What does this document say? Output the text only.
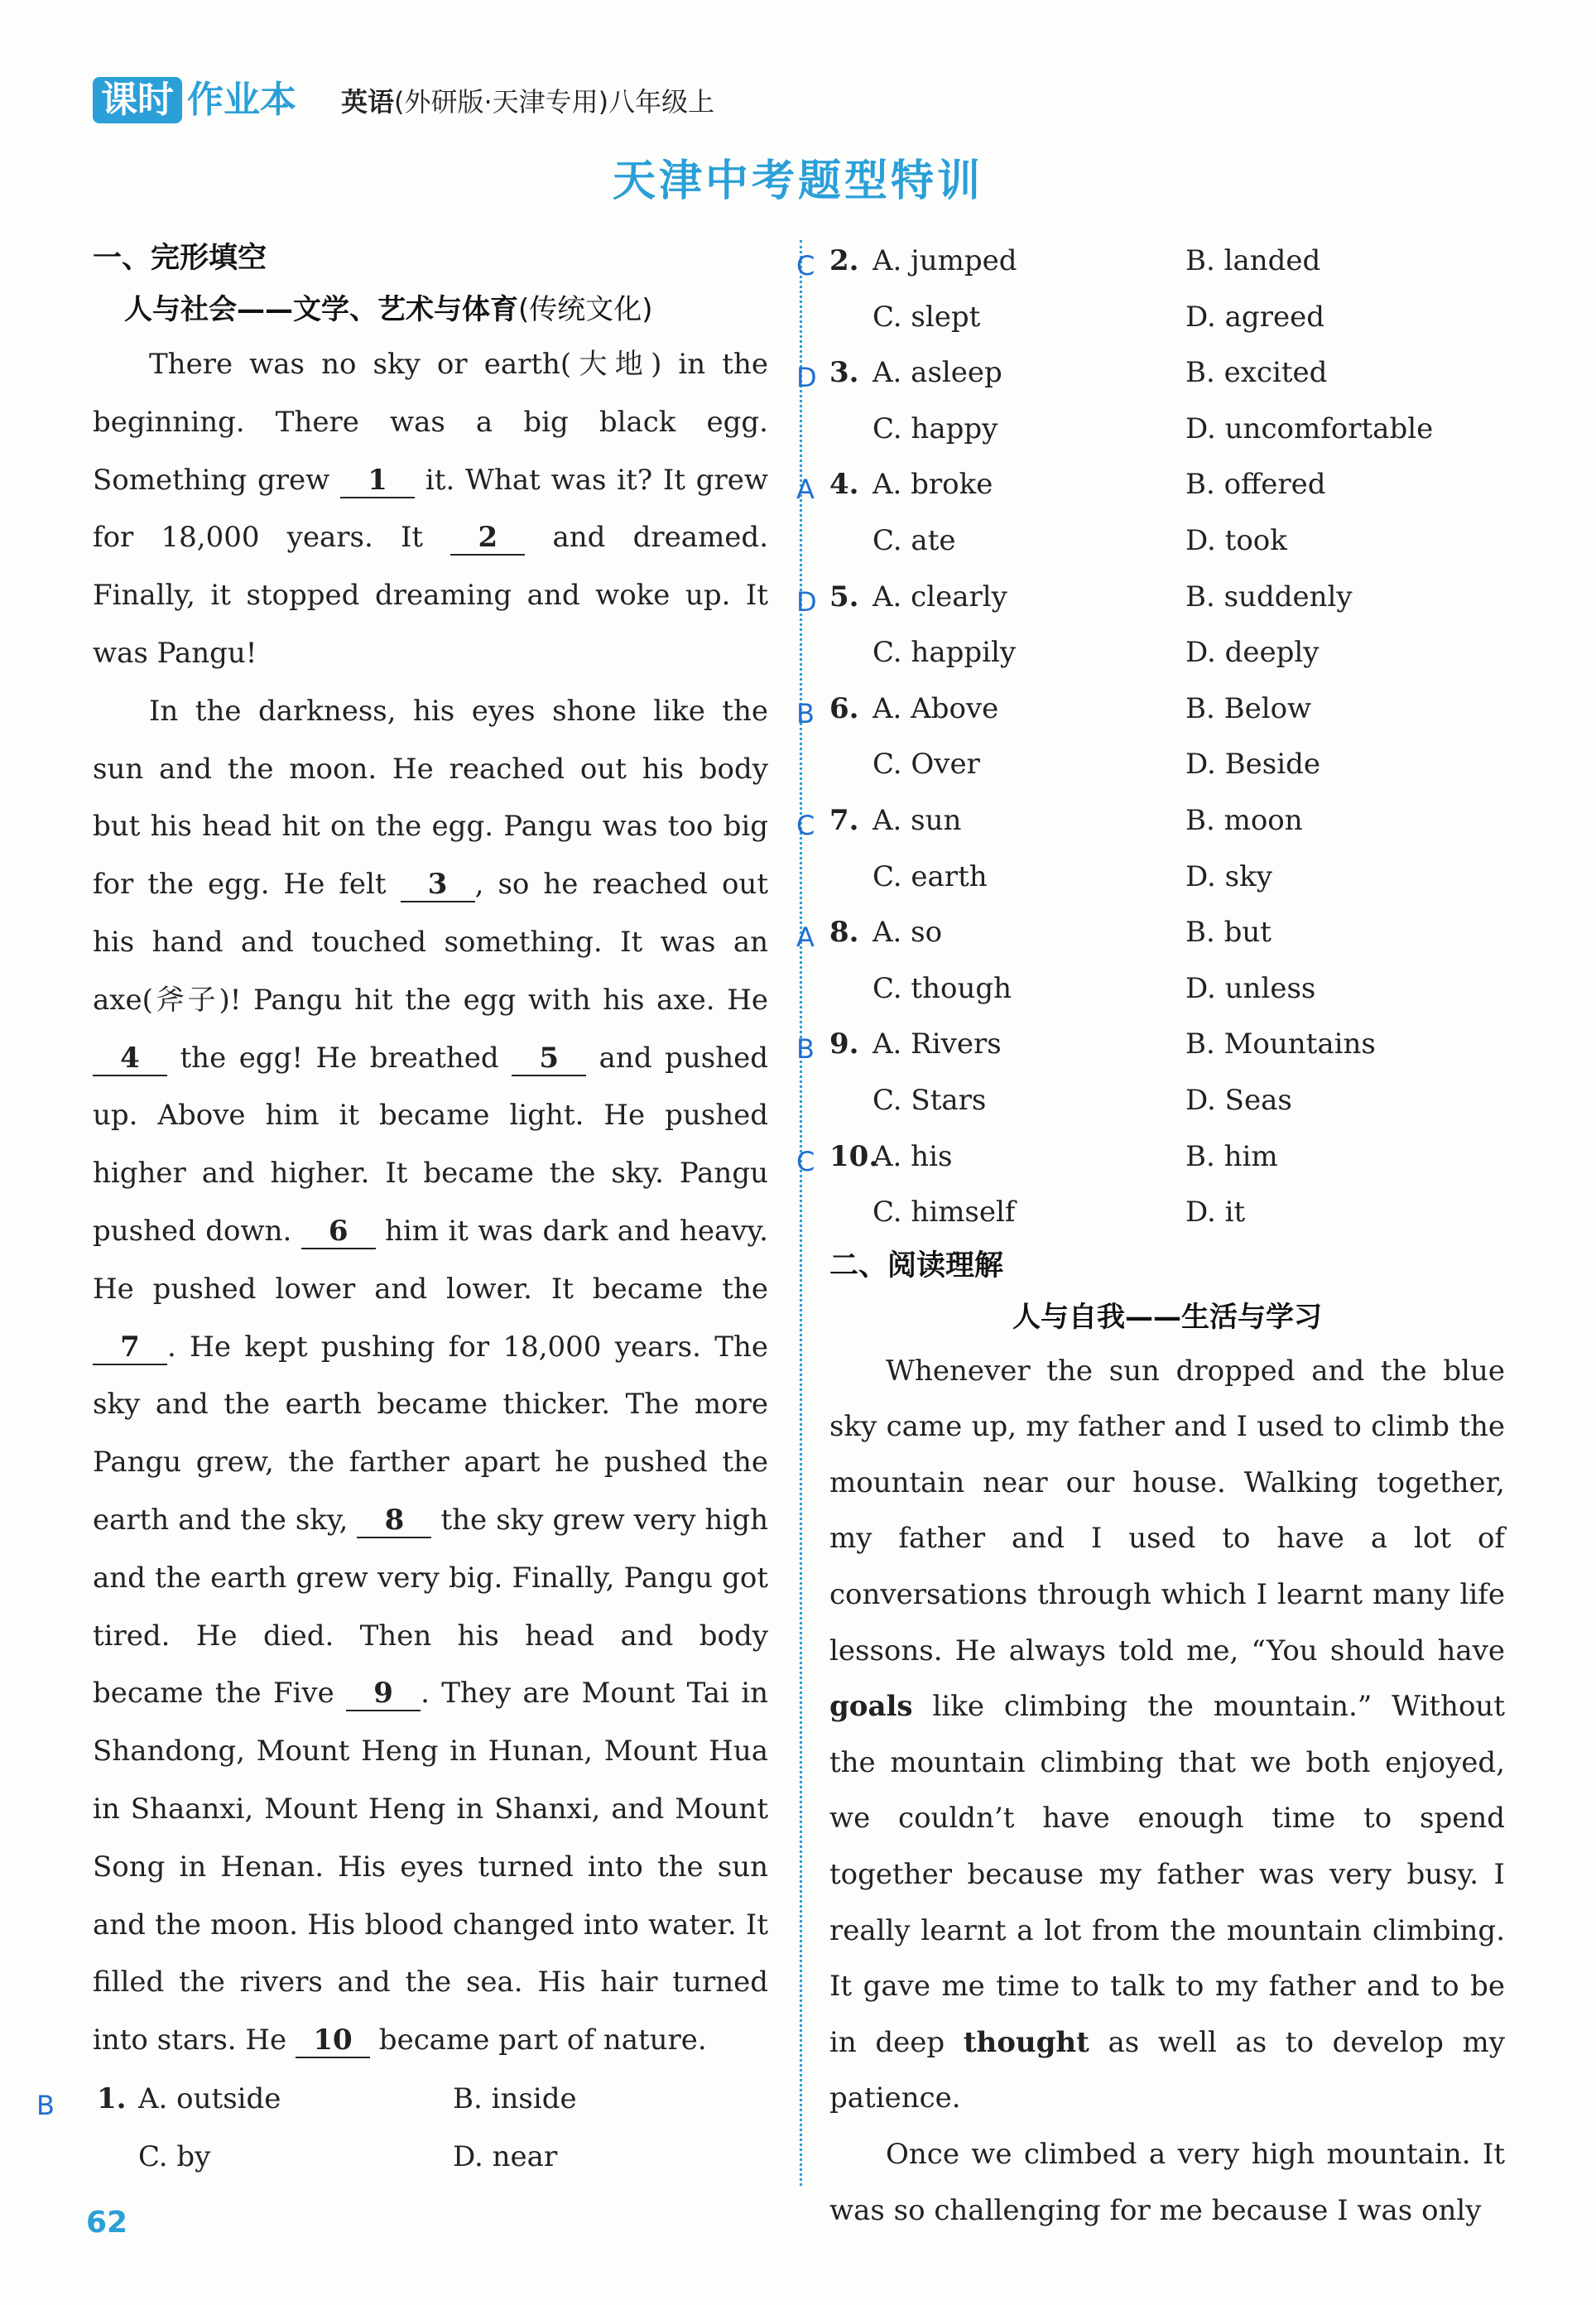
课时 作业本 英语(外研版·天津专用)八年级上
天津中考题型特训
一、完形填空
人与社会——文学、艺术与体育(传统文化)

There was no sky or earth(大地) in the beginning. There was a big black egg. Something grew 1 it. What was it? It grew for 18,000 years. It 2 and dreamed. Finally, it stopped dreaming and woke up. It was Pangu!

In the darkness, his eyes shone like the sun and the moon. He reached out his body but his head hit on the egg. Pangu was too big for the egg. He felt 3 , so he reached out his hand and touched something. It was an axe(斧子)! Pangu hit the egg with his axe. He 4 the egg! He breathed 5 and pushed up. Above him it became light. He pushed higher and higher. It became the sky. Pangu pushed down. 6 him it was dark and heavy. He pushed lower and lower. It became the 7 . He kept pushing for 18,000 years. The sky and the earth became thicker. The more Pangu grew, the farther apart he pushed the earth and the sky, 8 the sky grew very high and the earth grew very big. Finally, Pangu got tired. He died. Then his head and body became the Five 9 . They are Mount Tai in Shandong, Mount Heng in Hunan, Mount Hua in Shaanxi, Mount Heng in Shanxi, and Mount Song in Henan. His eyes turned into the sun and the moon. His blood changed into water. It filled the rivers and the sea. His hair turned into stars. He 10 became part of nature.

B 1. A. outside	B. inside
C. by	D. near
C 2. A. jumped	B. landed
C. slept	D. agreed
D 3. A. asleep	B. excited
C. happy	D. uncomfortable
A 4. A. broke	B. offered
C. ate	D. took
D 5. A. clearly	B. suddenly
C. happily	D. deeply
B 6. A. Above	B. Below
C. Over	D. Beside
C 7. A. sun	B. moon
C. earth	D. sky
A 8. A. so	B. but
C. though	D. unless
B 9. A. Rivers	B. Mountains
C. Stars	D. Seas
C 10.
A. his	B. him
C. himself	D. it
二、阅读理解
人与自我——生活与学习

Whenever the sun dropped and the blue sky came up, my father and I used to climb the mountain near our house. Walking together, my father and I used to have a lot of conversations through which I learnt many life lessons. He always told me, “You should have goals like climbing the mountain.” Without the mountain climbing that we both enjoyed, we couldn’t have enough time to spend together because my father was very busy. I really learnt a lot from the mountain climbing. It gave me time to talk to my father and to be in deep thought as well as to develop my patience.

Once we climbed a very high mountain. It was so challenging for me because I was only

62
